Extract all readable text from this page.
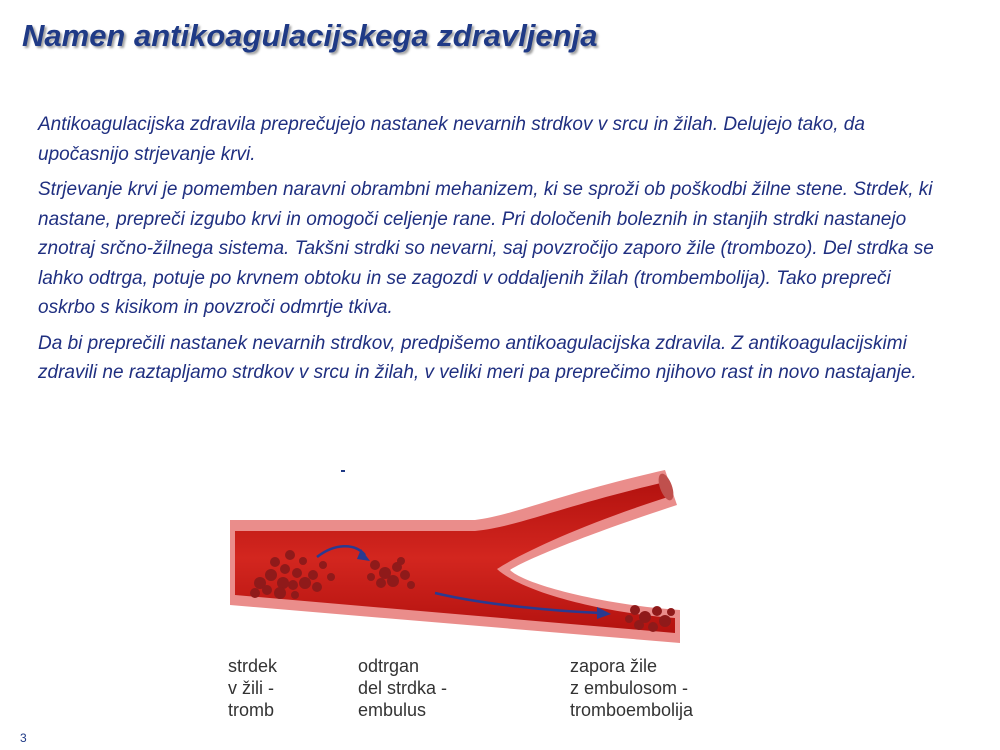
Namen antikoagulacijskega zdravljenja

Antikoagulacijska zdravila preprečujejo nastanek nevarnih strdkov v srcu in žilah. Delujejo tako, da upočasnijo strjevanje krvi.

Strjevanje krvi je pomemben naravni obrambni mehanizem, ki se sproži ob poškodbi žilne stene. Strdek, ki nastane, prepreči izgubo krvi in omogoči celjenje rane. Pri določenih boleznih in stanjih strdki nastanejo znotraj srčno-žilnega sistema. Takšni strdki so nevarni, saj povzročijo zaporo žile (trombozo). Del strdka se lahko odtrga, potuje po krvnem obtoku in se zagozdi v oddaljenih žilah (trombembolija). Tako prepreči oskrbo s kisikom in povzroči odmrtje tkiva.

Da bi preprečili nastanek nevarnih strdkov, predpišemo antikoagulacijska zdravila. Z antikoagulacijskimi zdravili ne raztapljamo strdkov v srcu in žilah, v veliki meri pa preprečimo njihovo rast in novo nastajanje.

strdek
v žili -
tromb
odtrgan
del strdka -
embulus
zapora žile
z embulosom -
tromboembolija
3
